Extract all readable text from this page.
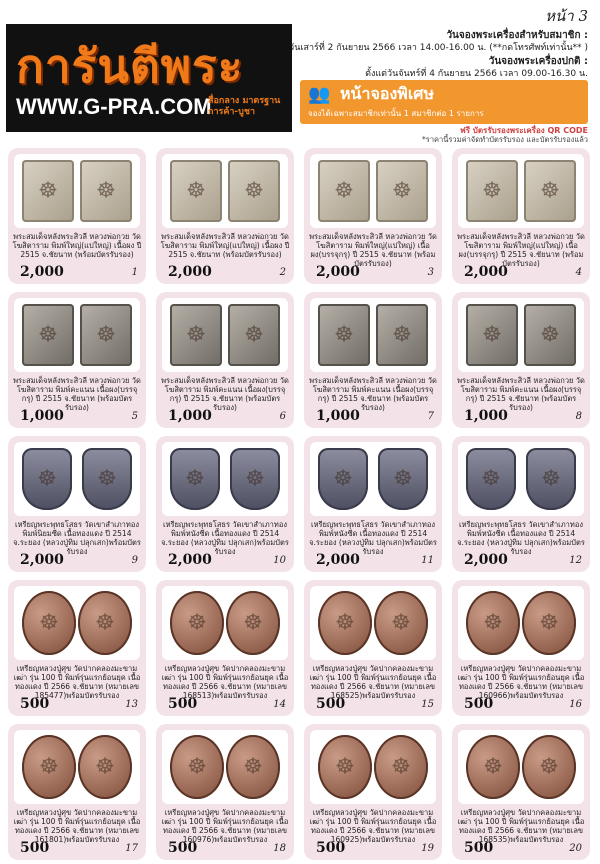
หน้า 3
การันตีพระ
WWW.G-PRA.COM
สื่อกลาง มาตรฐาน การค้า-บูชา
วันจองพระเครื่องสำหรับสมาชิก :
วันเสาร์ที่ 2 กันยายน 2566 เวลา 14.00-16.00 น. (**กดโทรศัพท์เท่านั้น** )
วันจองพระเครื่องปกติ :
ตั้งแต่วันจันทร์ที่ 4 กันยายน 2566 เวลา 09.00-16.30 น.
👥 หน้าจองพิเศษ
จองได้เฉพาะสมาชิกเท่านั้น 1 สมาชิกต่อ 1 รายการ
ฟรี บัตรรับรองพระเครื่อง QR CODE
*ราคานี้รวมค่าจัดทำบัตรรับรอง และบัตรรับรองแล้ว
☸ ☸
พระสมเด็จหลังพระสิวลี หลวงพ่อกวย วัดโฆสิตาราม พิมพ์ใหญ่(แปใหญ่) เนื้อผง ปี 2515 จ.ชัยนาท (พร้อมบัตรรับรอง)
2,000	1
☸ ☸
พระสมเด็จหลังพระสิวลี หลวงพ่อกวย วัดโฆสิตาราม พิมพ์ใหญ่(แปใหญ่) เนื้อผง ปี 2515 จ.ชัยนาท (พร้อมบัตรรับรอง)
2,000	2
☸ ☸
พระสมเด็จหลังพระสิวลี หลวงพ่อกวย วัดโฆสิตาราม พิมพ์ใหญ่(แปใหญ่) เนื้อผง(บรรจุกรุ) ปี 2515 จ.ชัยนาท (พร้อมบัตรรับรอง)
2,000	3
☸ ☸
พระสมเด็จหลังพระสิวลี หลวงพ่อกวย วัดโฆสิตาราม พิมพ์ใหญ่(แปใหญ่) เนื้อผง(บรรจุกรุ) ปี 2515 จ.ชัยนาท (พร้อมบัตรรับรอง)
2,000	4
☸ ☸
พระสมเด็จหลังพระสิวลี หลวงพ่อกวย วัดโฆสิตาราม พิมพ์คะแนน เนื้อผง(บรรจุกรุ) ปี 2515 จ.ชัยนาท (พร้อมบัตรรับรอง)
1,000	5
☸ ☸
พระสมเด็จหลังพระสิวลี หลวงพ่อกวย วัดโฆสิตาราม พิมพ์คะแนน เนื้อผง(บรรจุกรุ) ปี 2515 จ.ชัยนาท (พร้อมบัตรรับรอง)
1,000	6
☸ ☸
พระสมเด็จหลังพระสิวลี หลวงพ่อกวย วัดโฆสิตาราม พิมพ์คะแนน เนื้อผง(บรรจุกรุ) ปี 2515 จ.ชัยนาท (พร้อมบัตรรับรอง)
1,000	7
☸ ☸
พระสมเด็จหลังพระสิวลี หลวงพ่อกวย วัดโฆสิตาราม พิมพ์คะแนน เนื้อผง(บรรจุกรุ) ปี 2515 จ.ชัยนาท (พร้อมบัตรรับรอง)
1,000	8
☸ ☸
เหรียญพระพุทธโสธร วัดเขาสำเภาทอง พิมพ์นิยมซีด เนื้อทองแดง ปี 2514 จ.ระยอง (หลวงปู่ทิม ปลุกเสก)พร้อมบัตรรับรอง
2,000	9
☸ ☸
เหรียญพระพุทธโสธร วัดเขาสำเภาทอง พิมพ์หนังซีด เนื้อทองแดง ปี 2514 จ.ระยอง (หลวงปู่ทิม ปลุกเสก)พร้อมบัตรรับรอง
2,000	10
☸ ☸
เหรียญพระพุทธโสธร วัดเขาสำเภาทอง พิมพ์หนังซีด เนื้อทองแดง ปี 2514 จ.ระยอง (หลวงปู่ทิม ปลุกเสก)พร้อมบัตรรับรอง
2,000	11
☸ ☸
เหรียญพระพุทธโสธร วัดเขาสำเภาทอง พิมพ์หนังซีด เนื้อทองแดง ปี 2514 จ.ระยอง (หลวงปู่ทิม ปลุกเสก)พร้อมบัตรรับรอง
2,000	12
☸ ☸
เหรียญหลวงปู่ศุข วัดปากคลองมะขามเฒ่า รุ่น 100 ปี พิมพ์รุ่นแรกย้อนยุค เนื้อทองแดง ปี 2566 จ.ชัยนาท (หมายเลข 185477)พร้อมบัตรรับรอง
500	13
☸ ☸
เหรียญหลวงปู่ศุข วัดปากคลองมะขามเฒ่า รุ่น 100 ปี พิมพ์รุ่นแรกย้อนยุค เนื้อทองแดง ปี 2566 จ.ชัยนาท (หมายเลข 168513)พร้อมบัตรรับรอง
500	14
☸ ☸
เหรียญหลวงปู่ศุข วัดปากคลองมะขามเฒ่า รุ่น 100 ปี พิมพ์รุ่นแรกย้อนยุค เนื้อทองแดง ปี 2566 จ.ชัยนาท (หมายเลข 168525)พร้อมบัตรรับรอง
500	15
☸ ☸
เหรียญหลวงปู่ศุข วัดปากคลองมะขามเฒ่า รุ่น 100 ปี พิมพ์รุ่นแรกย้อนยุค เนื้อทองแดง ปี 2566 จ.ชัยนาท (หมายเลข 160966)พร้อมบัตรรับรอง
500	16
☸ ☸
เหรียญหลวงปู่ศุข วัดปากคลองมะขามเฒ่า รุ่น 100 ปี พิมพ์รุ่นแรกย้อนยุค เนื้อทองแดง ปี 2566 จ.ชัยนาท (หมายเลข 161801)พร้อมบัตรรับรอง
500	17
☸ ☸
เหรียญหลวงปู่ศุข วัดปากคลองมะขามเฒ่า รุ่น 100 ปี พิมพ์รุ่นแรกย้อนยุค เนื้อทองแดง ปี 2566 จ.ชัยนาท (หมายเลข 160976)พร้อมบัตรรับรอง
500	18
☸ ☸
เหรียญหลวงปู่ศุข วัดปากคลองมะขามเฒ่า รุ่น 100 ปี พิมพ์รุ่นแรกย้อนยุค เนื้อทองแดง ปี 2566 จ.ชัยนาท (หมายเลข 160925)พร้อมบัตรรับรอง
500	19
☸ ☸
เหรียญหลวงปู่ศุข วัดปากคลองมะขามเฒ่า รุ่น 100 ปี พิมพ์รุ่นแรกย้อนยุค เนื้อทองแดง ปี 2566 จ.ชัยนาท (หมายเลข 168535)พร้อมบัตรรับรอง
500	20
